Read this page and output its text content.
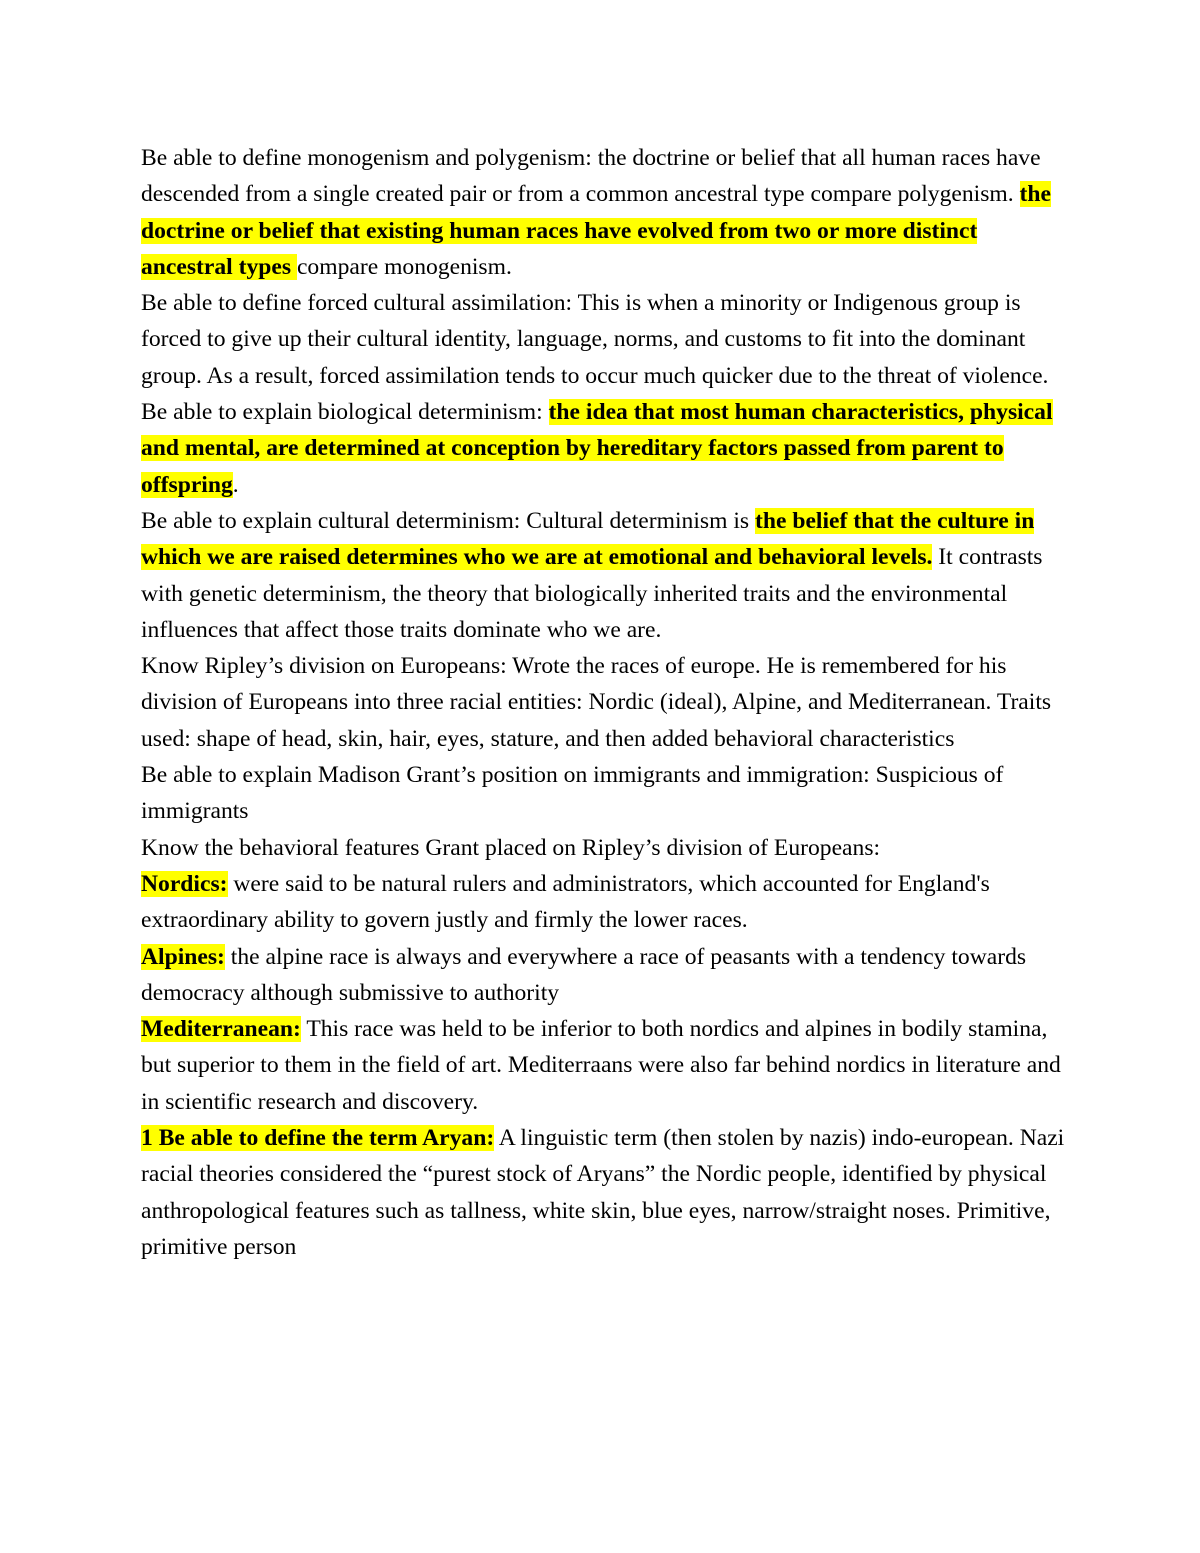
Be able to define monogenism and polygenism: the doctrine or belief that all human races have descended from a single created pair or from a common ancestral type compare polygenism. the doctrine or belief that existing human races have evolved from two or more distinct ancestral types compare monogenism.

Be able to define forced cultural assimilation: This is when a minority or Indigenous group is forced to give up their cultural identity, language, norms, and customs to fit into the dominant group. As a result, forced assimilation tends to occur much quicker due to the threat of violence.

Be able to explain biological determinism: the idea that most human characteristics, physical and mental, are determined at conception by hereditary factors passed from parent to offspring.

Be able to explain cultural determinism: Cultural determinism is the belief that the culture in which we are raised determines who we are at emotional and behavioral levels. It contrasts with genetic determinism, the theory that biologically inherited traits and the environmental influences that affect those traits dominate who we are.

Know Ripley’s division on Europeans: Wrote the races of europe. He is remembered for his division of Europeans into three racial entities: Nordic (ideal), Alpine, and Mediterranean. Traits used: shape of head, skin, hair, eyes, stature, and then added behavioral characteristics

Be able to explain Madison Grant’s position on immigrants and immigration: Suspicious of immigrants

Know the behavioral features Grant placed on Ripley’s division of Europeans:

Nordics: were said to be natural rulers and administrators, which accounted for England's extraordinary ability to govern justly and firmly the lower races.

Alpines: the alpine race is always and everywhere a race of peasants with a tendency towards democracy although submissive to authority

Mediterranean: This race was held to be inferior to both nordics and alpines in bodily stamina, but superior to them in the field of art. Mediterraans were also far behind nordics in literature and in scientific research and discovery.

1 Be able to define the term Aryan: A linguistic term (then stolen by nazis) indo-european. Nazi racial theories considered the “purest stock of Aryans” the Nordic people, identified by physical anthropological features such as tallness, white skin, blue eyes, narrow/straight noses. Primitive, primitive person
